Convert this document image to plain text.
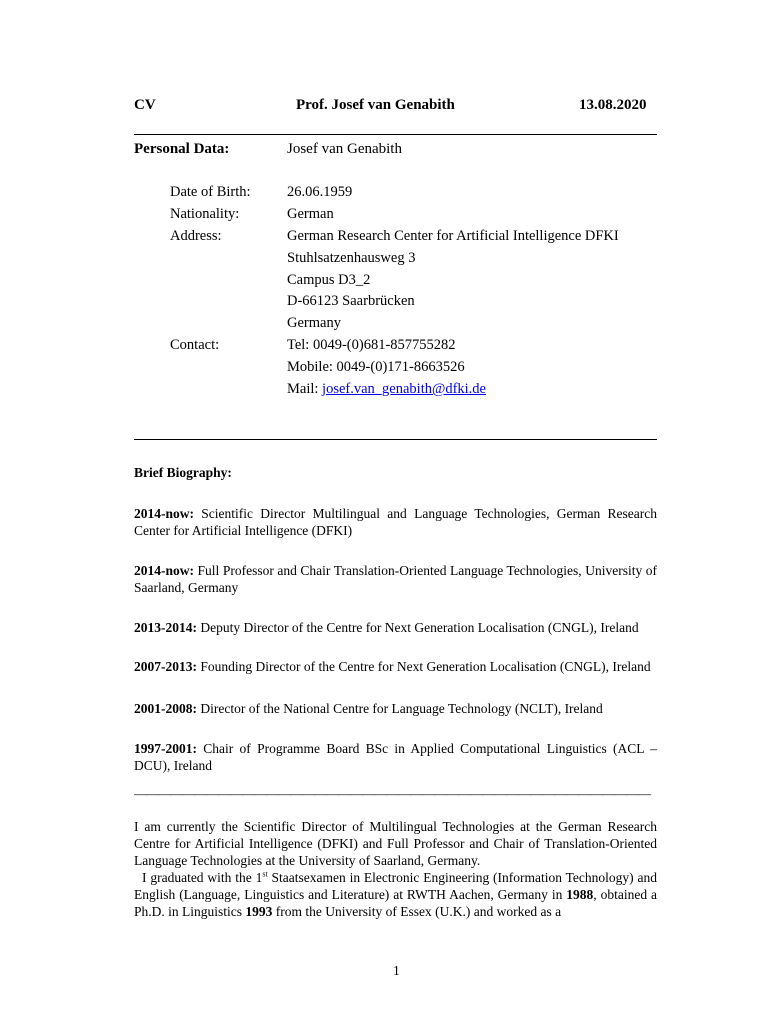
CV	Prof. Josef van Genabith	13.08.2020
Personal Data:	Josef van Genabith
Date of Birth:	26.06.1959
Nationality:	German
Address:	German Research Center for Artificial Intelligence DFKI
Stuhlsatzenhausweg 3
Campus D3_2
D-66123 Saarbrücken
Germany
Contact:	Tel: 0049-(0)681-857755282
Mobile: 0049-(0)171-8663526
Mail: josef.van_genabith@dfki.de
Brief Biography:
2014-now: Scientific Director Multilingual and Language Technologies, German Research Center for Artificial Intelligence (DFKI)
2014-now: Full Professor and Chair Translation-Oriented Language Technologies, University of Saarland, Germany
2013-2014: Deputy Director of the Centre for Next Generation Localisation (CNGL), Ireland
2007-2013: Founding Director of the Centre for Next Generation Localisation (CNGL), Ireland
2001-2008: Director of the National Centre for Language Technology (NCLT), Ireland
1997-2001: Chair of Programme Board BSc in Applied Computational Linguistics (ACL – DCU), Ireland
———————————————————————————————————————————
I am currently the Scientific Director of Multilingual Technologies at the German Research Centre for Artificial Intelligence (DFKI) and Full Professor and Chair of Translation-Oriented Language Technologies at the University of Saarland, Germany.
I graduated with the 1st Staatsexamen in Electronic Engineering (Information Technology) and English (Language, Linguistics and Literature) at RWTH Aachen, Germany in 1988, obtained a Ph.D. in Linguistics 1993 from the University of Essex (U.K.) and worked as a
1
